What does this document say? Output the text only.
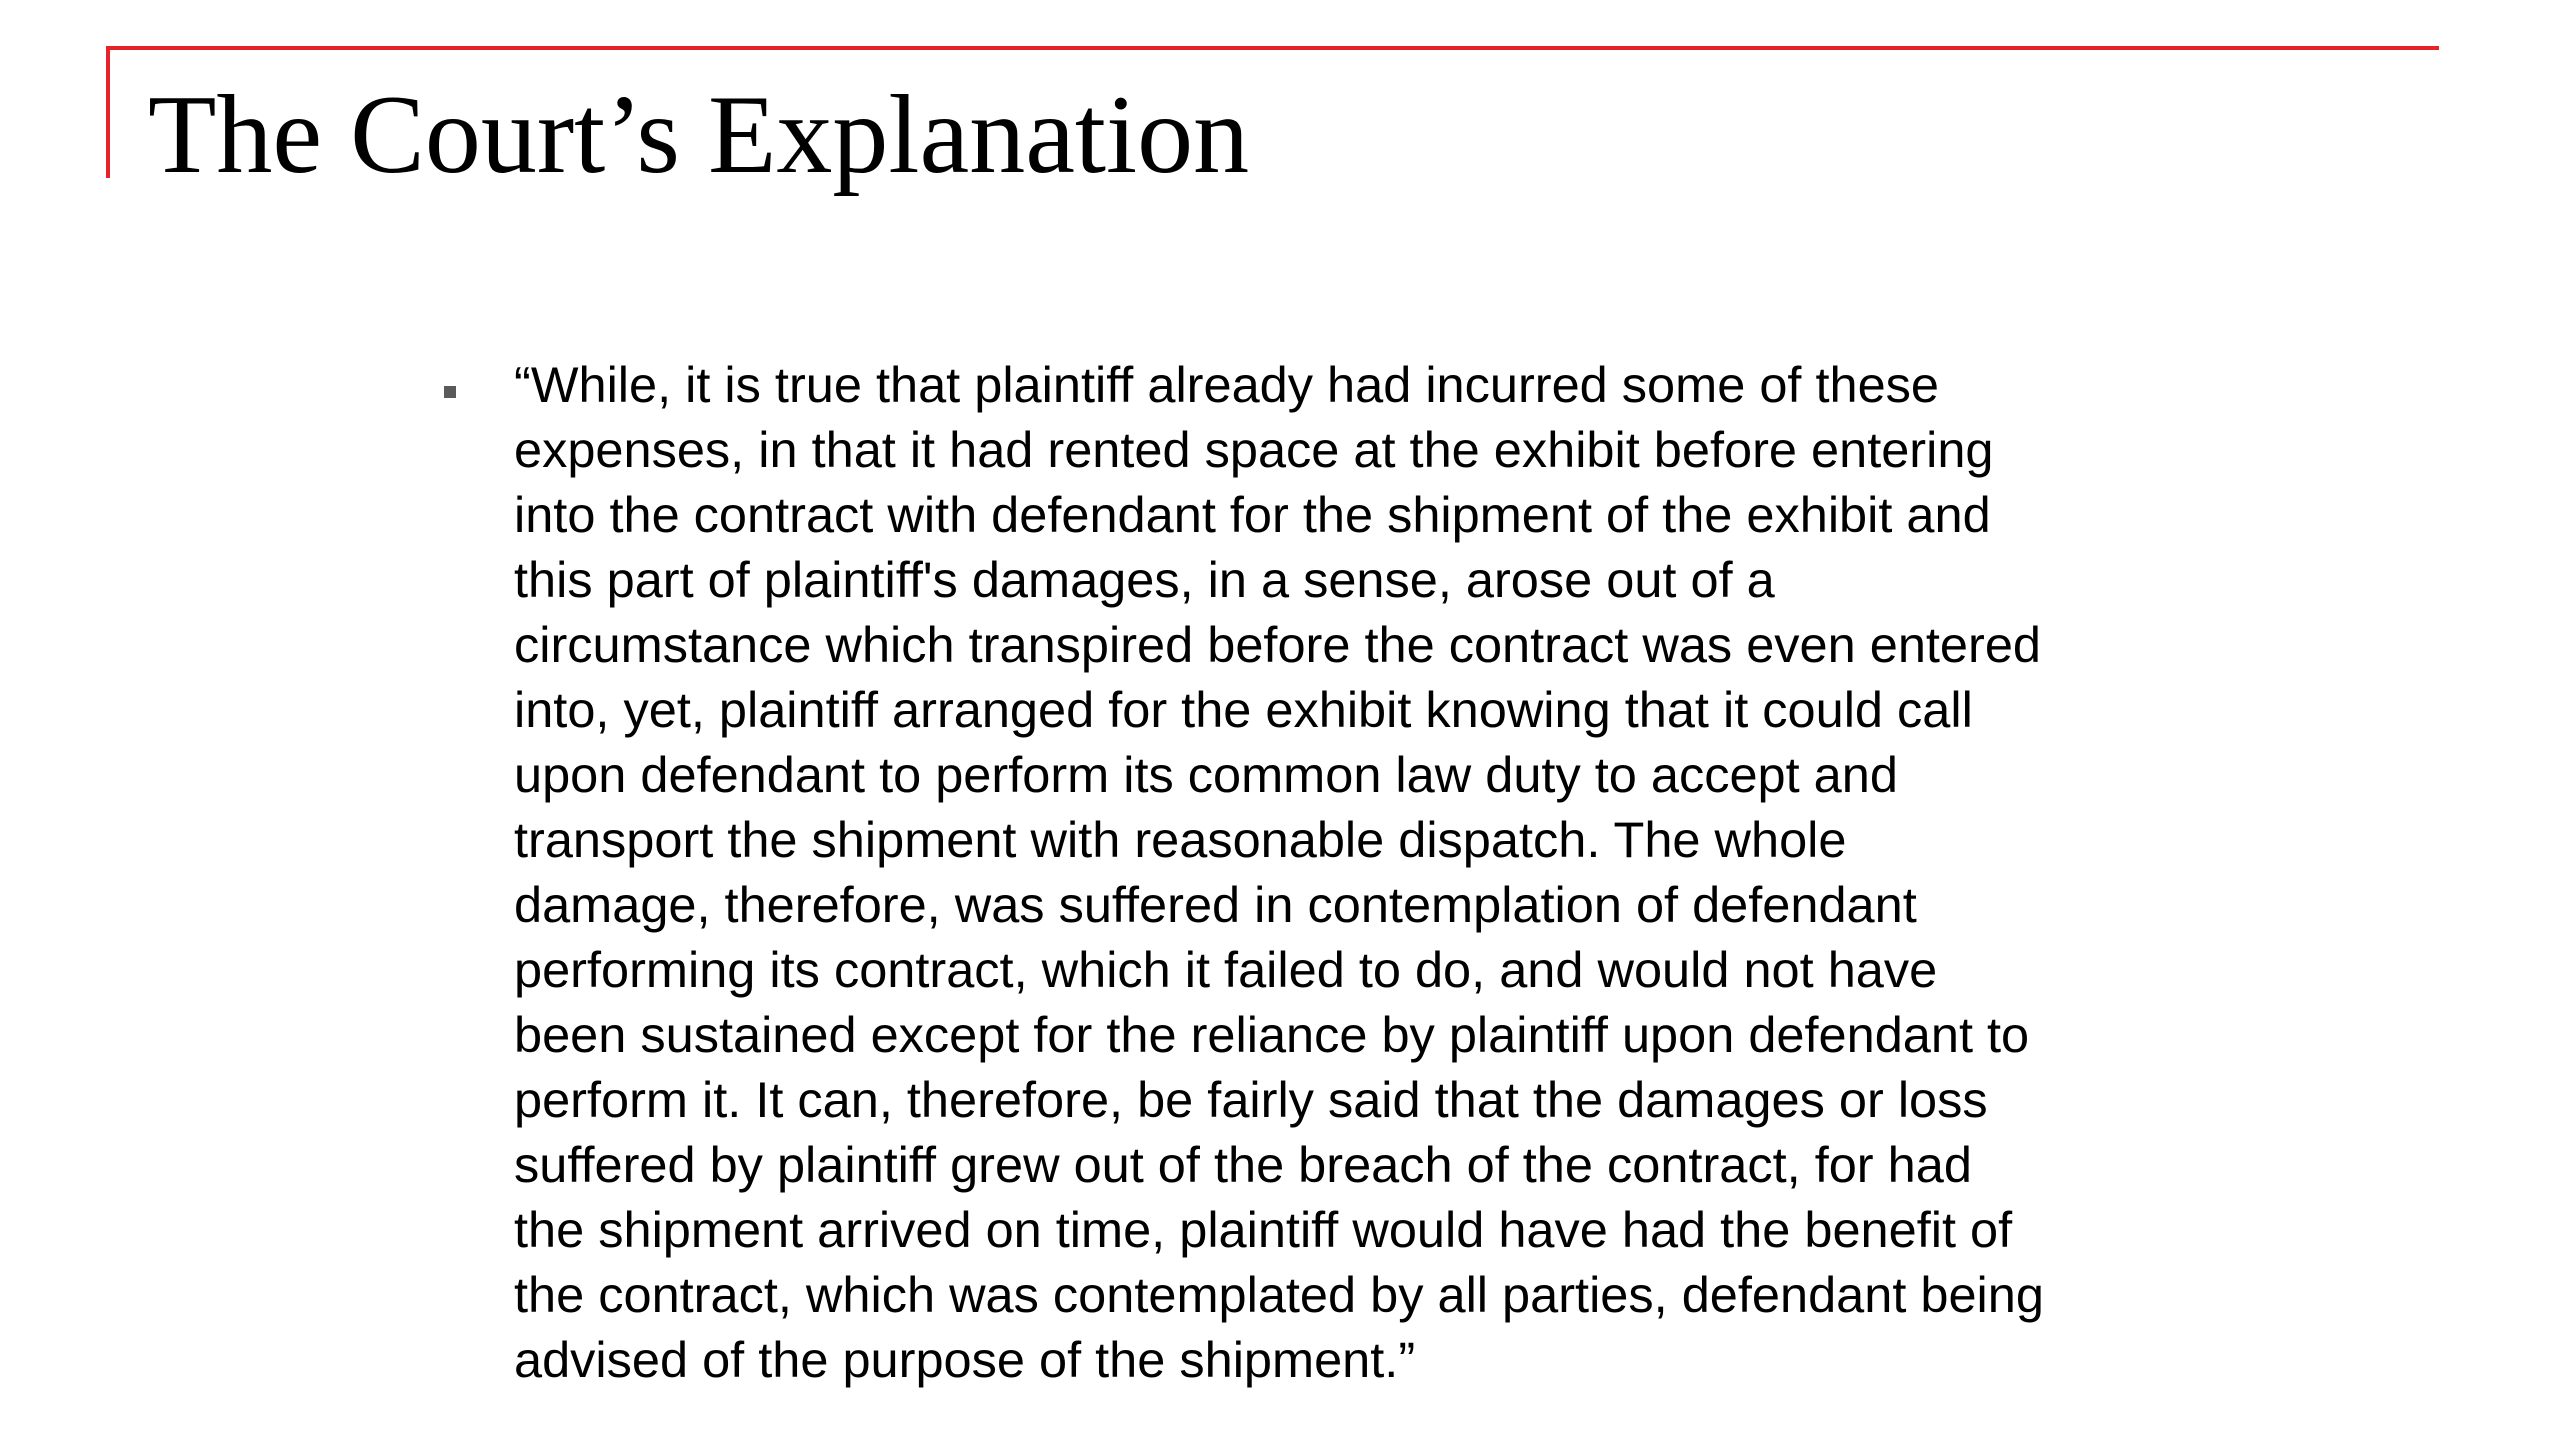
The Court’s Explanation

“While, it is true that plaintiff already had incurred some of these
expenses, in that it had rented space at the exhibit before entering
into the contract with defendant for the shipment of the exhibit and
this part of plaintiff's damages, in a sense, arose out of a
circumstance which transpired before the contract was even entered
into, yet, plaintiff arranged for the exhibit knowing that it could call
upon defendant to perform its common law duty to accept and
transport the shipment with reasonable dispatch. The whole
damage, therefore, was suffered in contemplation of defendant
performing its contract, which it failed to do, and would not have
been sustained except for the reliance by plaintiff upon defendant to
perform it. It can, therefore, be fairly said that the damages or loss
suffered by plaintiff grew out of the breach of the contract, for had
the shipment arrived on time, plaintiff would have had the benefit of
the contract, which was contemplated by all parties, defendant being
advised of the purpose of the shipment.”
